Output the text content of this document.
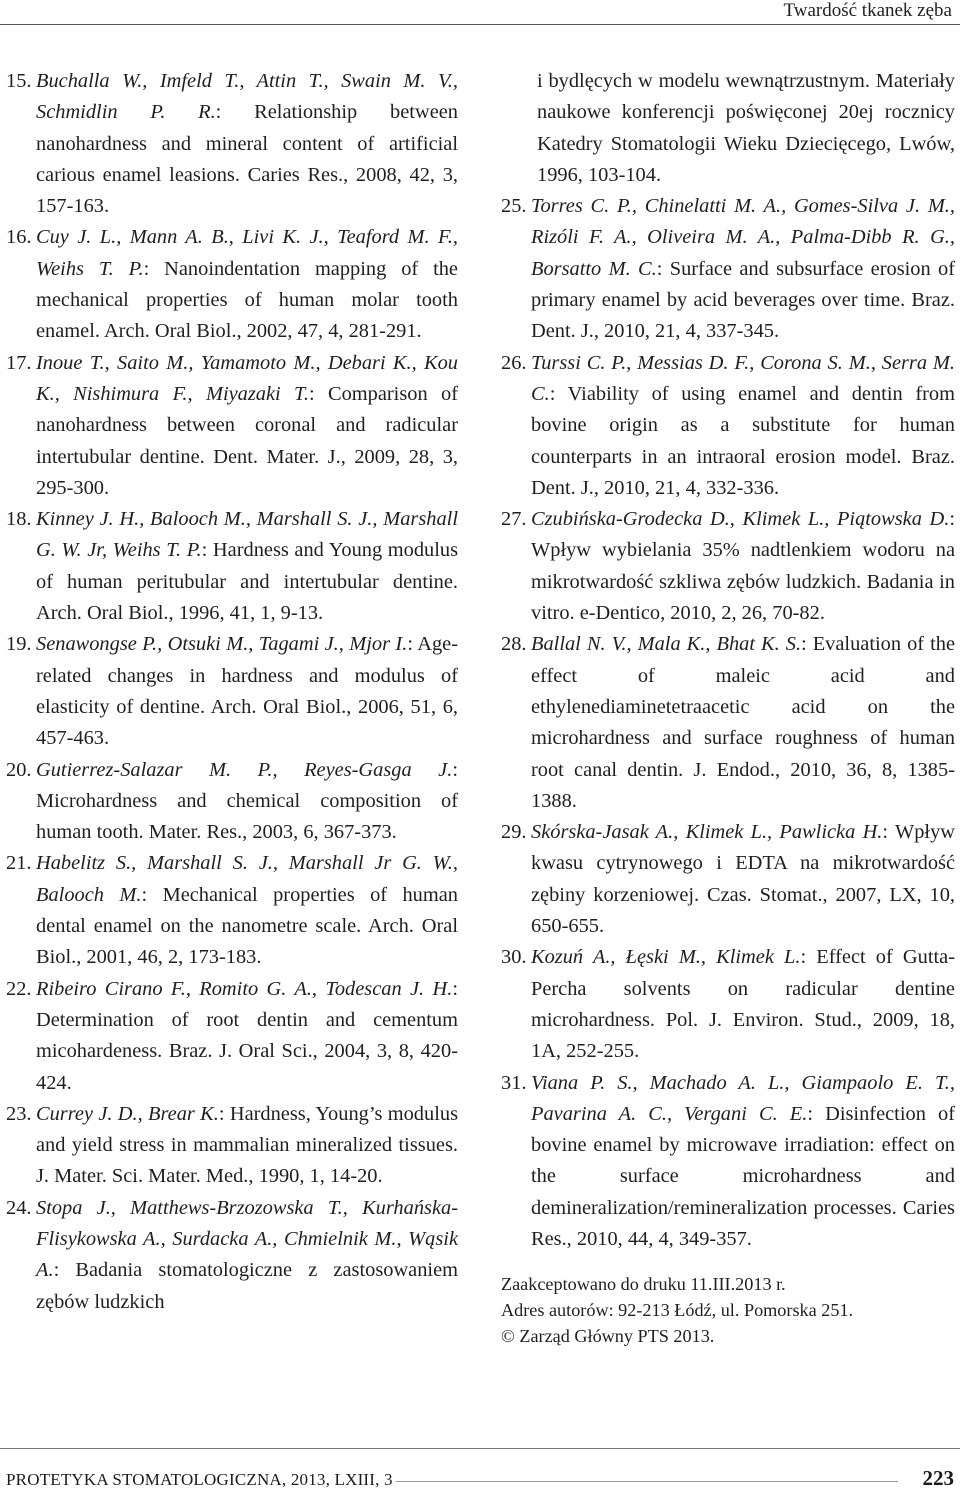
Twardość tkanek zęba
15. Buchalla W., Imfeld T., Attin T., Swain M. V., Schmidlin P. R.: Relationship between nanohardness and mineral content of artificial carious enamel leasions. Caries Res., 2008, 42, 3, 157-163.
16. Cuy J. L., Mann A. B., Livi K. J., Teaford M. F., Weihs T. P.: Nanoindentation mapping of the mechanical properties of human molar tooth enamel. Arch. Oral Biol., 2002, 47, 4, 281-291.
17. Inoue T., Saito M., Yamamoto M., Debari K., Kou K., Nishimura F., Miyazaki T.: Comparison of nanohardness between coronal and radicular intertubular dentine. Dent. Mater. J., 2009, 28, 3, 295-300.
18. Kinney J. H., Balooch M., Marshall S. J., Marshall G. W. Jr, Weihs T. P.: Hardness and Young modulus of human peritubular and intertubular dentine. Arch. Oral Biol., 1996, 41, 1, 9-13.
19. Senawongse P., Otsuki M., Tagami J., Mjor I.: Age-related changes in hardness and modulus of elasticity of dentine. Arch. Oral Biol., 2006, 51, 6, 457-463.
20. Gutierrez-Salazar M. P., Reyes-Gasga J.: Microhardness and chemical composition of human tooth. Mater. Res., 2003, 6, 367-373.
21. Habelitz S., Marshall S. J., Marshall Jr G. W., Balooch M.: Mechanical properties of human dental enamel on the nanometre scale. Arch. Oral Biol., 2001, 46, 2, 173-183.
22. Ribeiro Cirano F., Romito G. A., Todescan J. H.: Determination of root dentin and cementum micohardeness. Braz. J. Oral Sci., 2004, 3, 8, 420-424.
23. Currey J. D., Brear K.: Hardness, Young’s modulus and yield stress in mammalian mineralized tissues. J. Mater. Sci. Mater. Med., 1990, 1, 14-20.
24. Stopa J., Matthews-Brzozowska T., Kurhańska-Flisykowska A., Surdacka A., Chmielnik M., Wąsik A.: Badania stomatologiczne z zastosowaniem zębów ludzkich
i bydlęcych w modelu wewnątrzustnym. Materiały naukowe konferencji poświęconej 20ej rocznicy Katedry Stomatologii Wieku Dziecięcego, Lwów, 1996, 103-104.
25. Torres C. P., Chinelatti M. A., Gomes-Silva J. M., Rizóli F. A., Oliveira M. A., Palma-Dibb R. G., Borsatto M. C.: Surface and subsurface erosion of primary enamel by acid beverages over time. Braz. Dent. J., 2010, 21, 4, 337-345.
26. Turssi C. P., Messias D. F., Corona S. M., Serra M. C.: Viability of using enamel and dentin from bovine origin as a substitute for human counterparts in an intraoral erosion model. Braz. Dent. J., 2010, 21, 4, 332-336.
27. Czubińska-Grodecka D., Klimek L., Piątowska D.: Wpływ wybielania 35% nadtlenkiem wodoru na mikrotwardość szkliwa zębów ludzkich. Badania in vitro. e-Dentico, 2010, 2, 26, 70-82.
28. Ballal N. V., Mala K., Bhat K. S.: Evaluation of the effect of maleic acid and ethylenediaminetetraacetic acid on the microhardness and surface roughness of human root canal dentin. J. Endod., 2010, 36, 8, 1385-1388.
29. Skórska-Jasak A., Klimek L., Pawlicka H.: Wpływ kwasu cytrynowego i EDTA na mikrotwardość zębiny korzeniowej. Czas. Stomat., 2007, LX, 10, 650-655.
30. Kozuń A., Łęski M., Klimek L.: Effect of Gutta-Percha solvents on radicular dentine microhardness. Pol. J. Environ. Stud., 2009, 18, 1A, 252-255.
31. Viana P. S., Machado A. L., Giampaolo E. T., Pavarina A. C., Vergani C. E.: Disinfection of bovine enamel by microwave irradiation: effect on the surface microhardness and demineralization/remineralization processes. Caries Res., 2010, 44, 4, 349-357.
Zaakceptowano do druku 11.III.2013 r.
Adres autorów: 92-213 Łódź, ul. Pomorska 251.
© Zarząd Główny PTS 2013.
PROTETYKA STOMATOLOGICZNA, 2013, LXIII, 3	223
